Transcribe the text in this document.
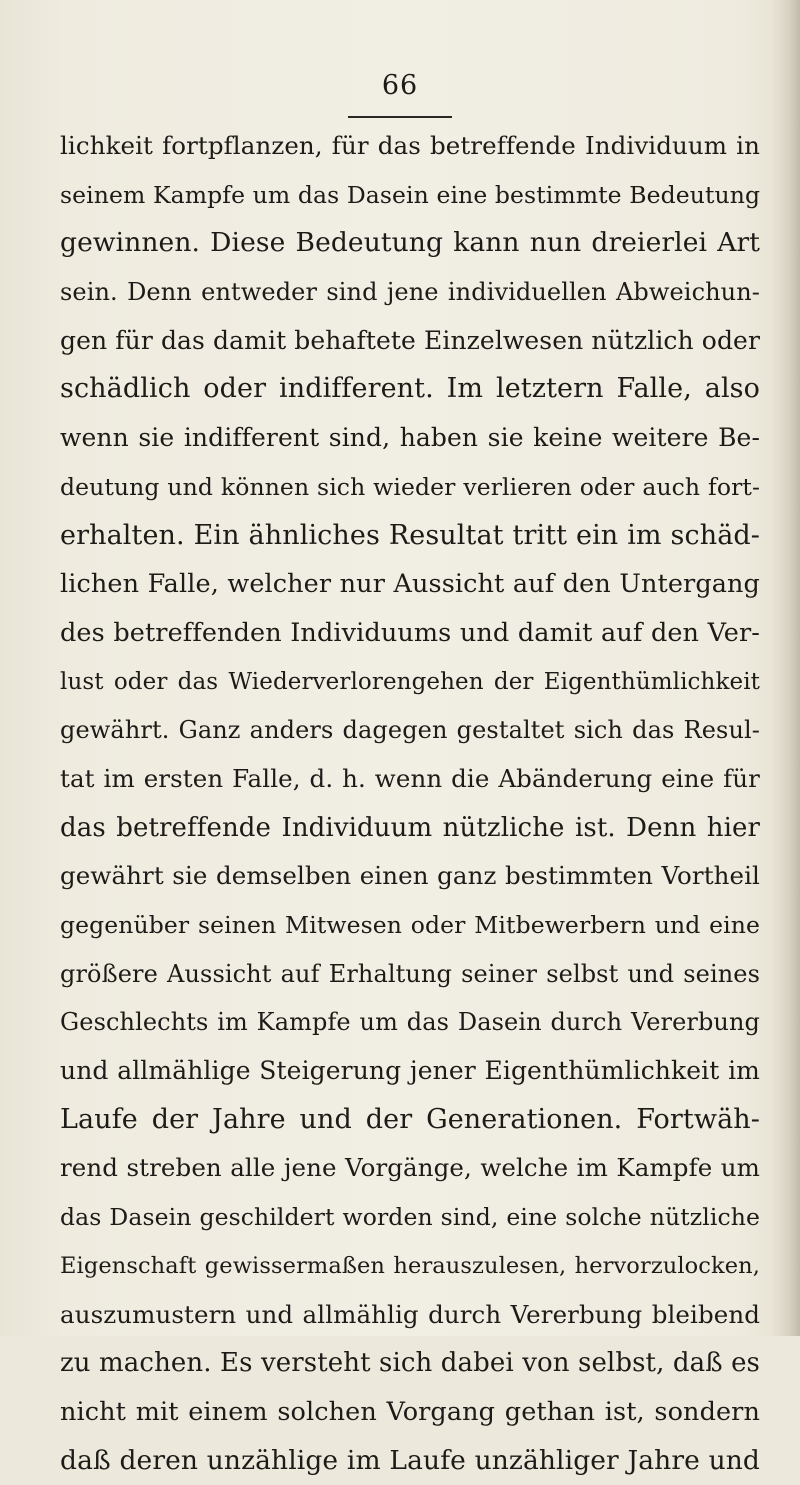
66
lichkeit fortpflanzen, für das betreffende Individuum in
seinem Kampfe um das Dasein eine bestimmte Bedeutung
gewinnen. Diese Bedeutung kann nun dreierlei Art
sein. Denn entweder sind jene individuellen Abweichun-
gen für das damit behaftete Einzelwesen nützlich oder
schädlich oder indifferent. Im letztern Falle, also
wenn sie indifferent sind, haben sie keine weitere Be-
deutung und können sich wieder verlieren oder auch fort-
erhalten. Ein ähnliches Resultat tritt ein im schäd-
lichen Falle, welcher nur Aussicht auf den Untergang
des betreffenden Individuums und damit auf den Ver-
lust oder das Wiederverlorengehen der Eigenthümlichkeit
gewährt. Ganz anders dagegen gestaltet sich das Resul-
tat im ersten Falle, d. h. wenn die Abänderung eine für
das betreffende Individuum nützliche ist. Denn hier
gewährt sie demselben einen ganz bestimmten Vortheil
gegenüber seinen Mitwesen oder Mitbewerbern und eine
größere Aussicht auf Erhaltung seiner selbst und seines
Geschlechts im Kampfe um das Dasein durch Vererbung
und allmählige Steigerung jener Eigenthümlichkeit im
Laufe der Jahre und der Generationen. Fortwäh-
rend streben alle jene Vorgänge, welche im Kampfe um
das Dasein geschildert worden sind, eine solche nützliche
Eigenschaft gewissermaßen herauszulesen, hervorzulocken,
auszumustern und allmählig durch Vererbung bleibend
zu machen. Es versteht sich dabei von selbst, daß es
nicht mit einem solchen Vorgang gethan ist, sondern
daß deren unzählige im Laufe unzähliger Jahre und
